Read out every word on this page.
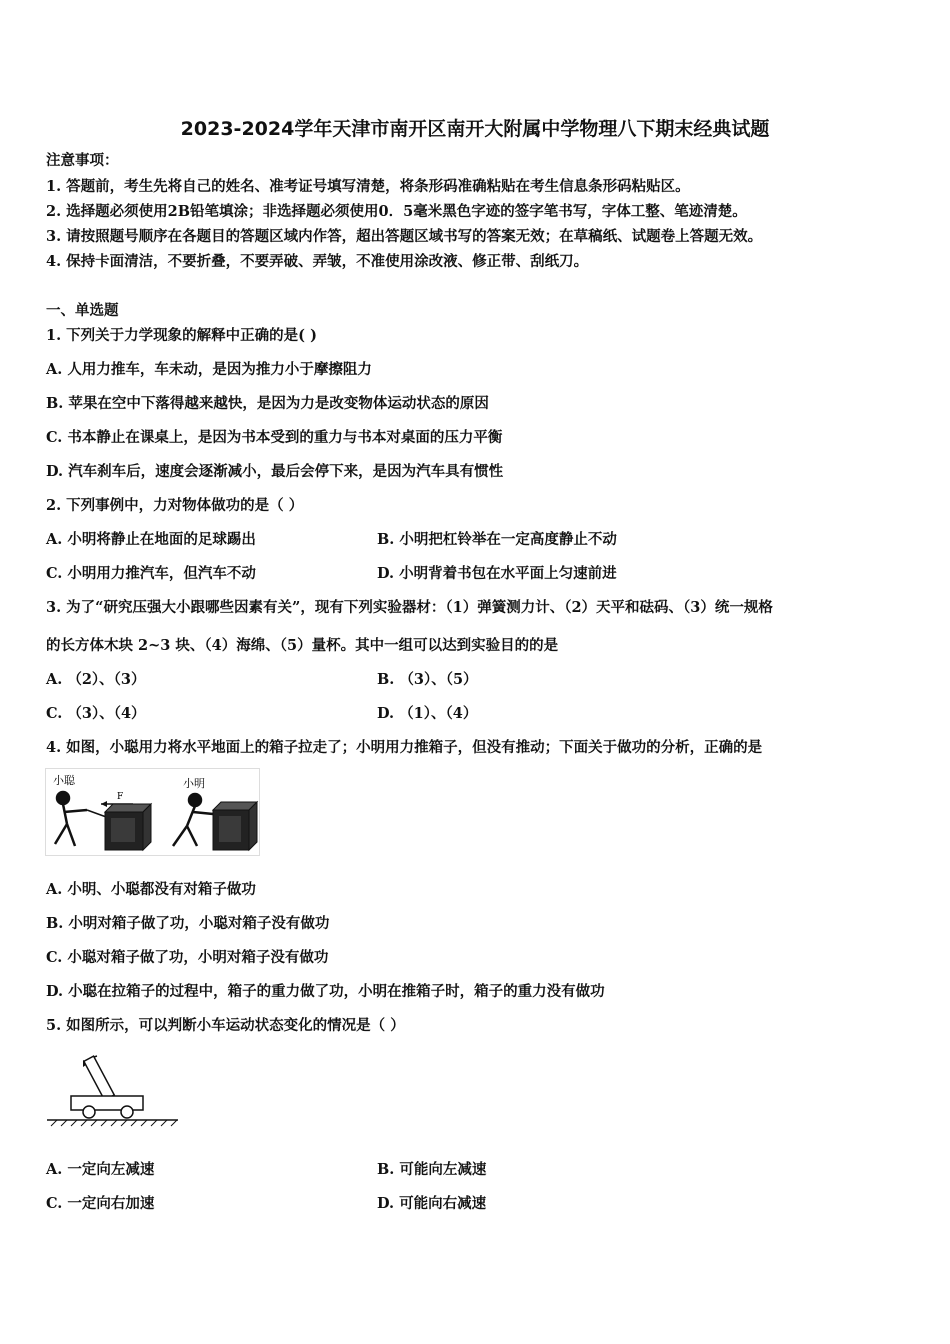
2023-2024学年天津市南开区南开大附属中学物理八下期末经典试题
注意事项：
1. 答题前，考生先将自己的姓名、准考证号填写清楚，将条形码准确粘贴在考生信息条形码粘贴区。
2. 选择题必须使用2B铅笔填涂；非选择题必须使用0．5毫米黑色字迹的签字笔书写，字体工整、笔迹清楚。
3. 请按照题号顺序在各题目的答题区域内作答，超出答题区域书写的答案无效；在草稿纸、试题卷上答题无效。
4. 保持卡面清洁，不要折叠，不要弄破、弄皱，不准使用涂改液、修正带、刮纸刀。
一、单选题
1. 下列关于力学现象的解释中正确的是( )
A. 人用力推车，车未动，是因为推力小于摩擦阻力
B. 苹果在空中下落得越来越快，是因为力是改变物体运动状态的原因
C. 书本静止在课桌上，是因为书本受到的重力与书本对桌面的压力平衡
D. 汽车刹车后，速度会逐渐减小，最后会停下来，是因为汽车具有惯性
2. 下列事例中，力对物体做功的是（ ）
A. 小明将静止在地面的足球踢出	B. 小明把杠铃举在一定高度静止不动
C. 小明用力推汽车，但汽车不动	D. 小明背着书包在水平面上匀速前进
3. 为了“研究压强大小跟哪些因素有关”，现有下列实验器材：（1）弹簧测力计、（2）天平和砝码、（3）统一规格
的长方体木块 2~3 块、（4）海绵、（5）量杯。其中一组可以达到实验目的的是
A. （2）、（3）	B. （3）、（5）
C. （3）、（4）	D. （1）、（4）
4. 如图，小聪用力将水平地面上的箱子拉走了；小明用力推箱子，但没有推动；下面关于做功的分析，正确的是
小聪	小明
F
A. 小明、小聪都没有对箱子做功
B. 小明对箱子做了功，小聪对箱子没有做功
C. 小聪对箱子做了功，小明对箱子没有做功
D. 小聪在拉箱子的过程中，箱子的重力做了功，小明在推箱子时，箱子的重力没有做功
5. 如图所示，可以判断小车运动状态变化的情况是（ ）
A. 一定向左减速	B. 可能向左减速
C. 一定向右加速	D. 可能向右减速
